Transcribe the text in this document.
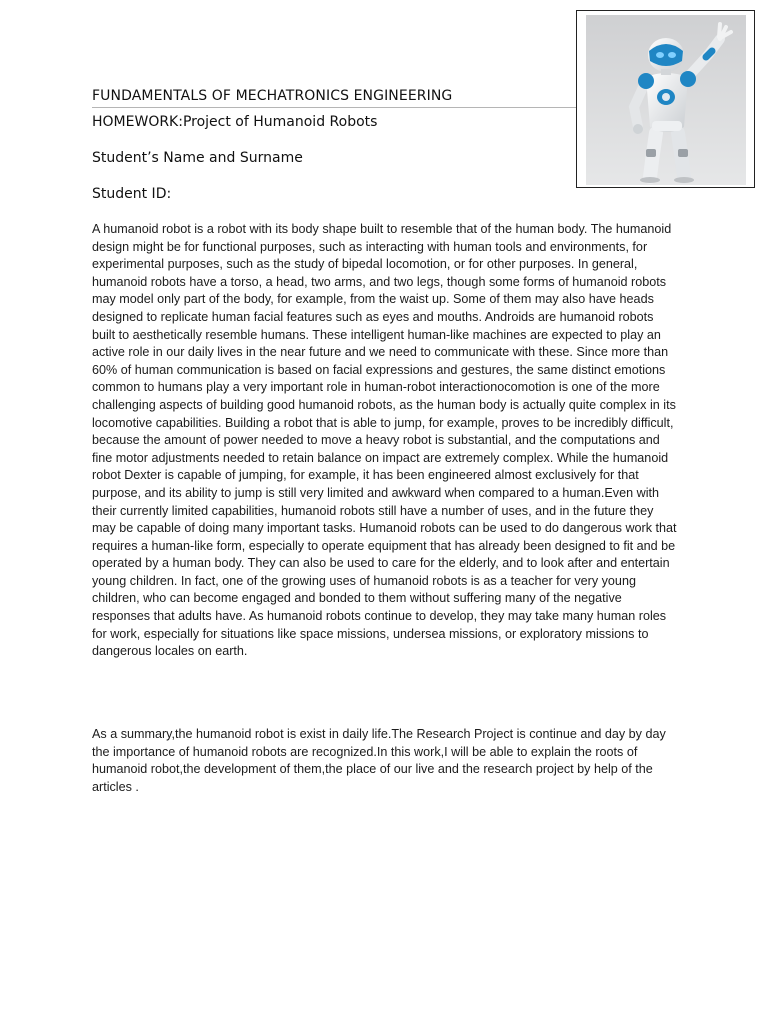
FUNDAMENTALS OF MECHATRONICS ENGINEERING
HOMEWORK:Project of Humanoid Robots
Student’s Name and Surname
Student ID:

A humanoid robot is a robot with its body shape built to resemble that of the human body. The humanoid design might be for functional purposes, such as interacting with human tools and environments, for experimental purposes, such as the study of bipedal locomotion, or for other purposes. In general, humanoid robots have a torso, a head, two arms, and two legs, though some forms of humanoid robots may model only part of the body, for example, from the waist up. Some of them may also have heads designed to replicate human facial features such as eyes and mouths. Androids are humanoid robots built to aesthetically resemble humans. These intelligent human-like machines are expected to play an active role in our daily lives in the near future and we need to communicate with these. Since more than 60% of human communication is based on facial expressions and gestures, the same distinct emotions common to humans play a very important role in human-robot interactionocomotion is one of the more challenging aspects of building good humanoid robots, as the human body is actually quite complex in its locomotive capabilities. Building a robot that is able to jump, for example, proves to be incredibly difficult, because the amount of power needed to move a heavy robot is substantial, and the computations and fine motor adjustments needed to retain balance on impact are extremely complex. While the humanoid robot Dexter is capable of jumping, for example, it has been engineered almost exclusively for that purpose, and its ability to jump is still very limited and awkward when compared to a human.Even with their currently limited capabilities, humanoid robots still have a number of uses, and in the future they may be capable of doing many important tasks. Humanoid robots can be used to do dangerous work that requires a human-like form, especially to operate equipment that has already been designed to fit and be operated by a human body. They can also be used to care for the elderly, and to look after and entertain young children. In fact, one of the growing uses of humanoid robots is as a teacher for very young children, who can become engaged and bonded to them without suffering many of the negative responses that adults have. As humanoid robots continue to develop, they may take many human roles for work, especially for situations like space missions, undersea missions, or exploratory missions to dangerous locales on earth.

As a summary,the humanoid robot is exist in daily life.The Research Project is continue and day by day the importance of humanoid robots are recognized.In this work,I will be able to explain the roots of humanoid robot,the development of them,the place of our live and the research project by help of the articles .
